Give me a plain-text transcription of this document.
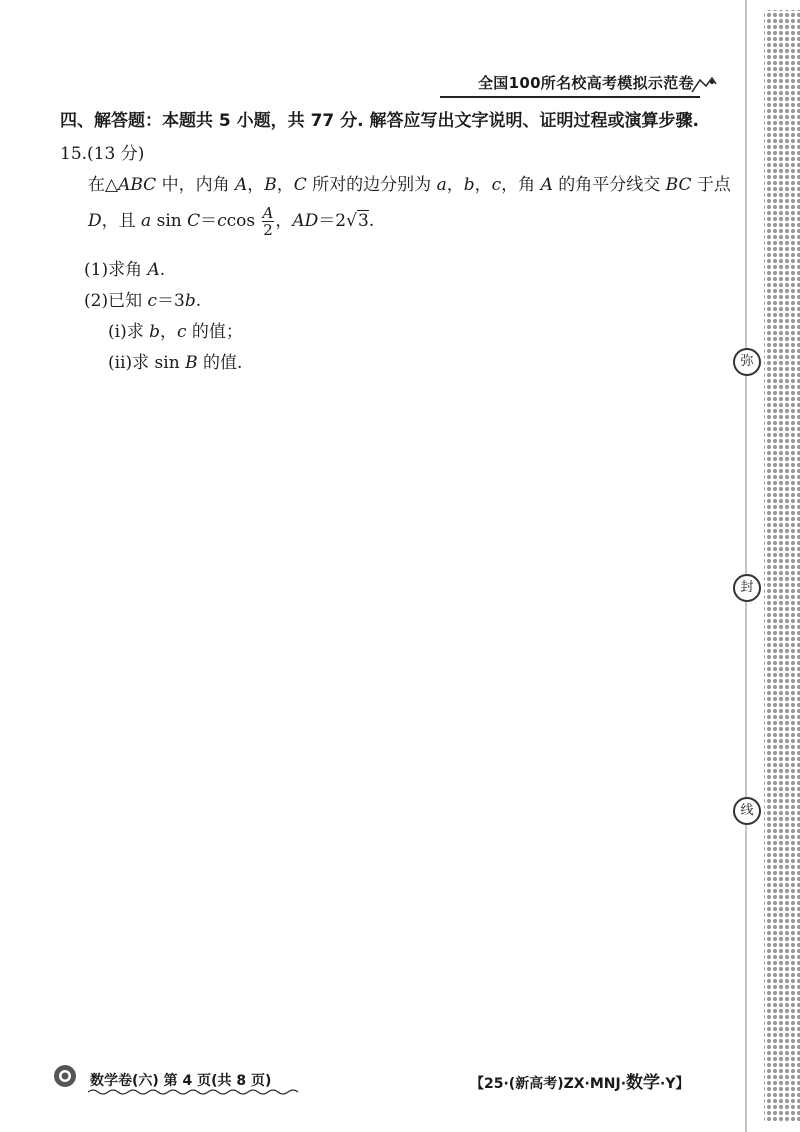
全国100所名校高考模拟示范卷
四、解答题：本题共 5 小题，共 77 分. 解答应写出文字说明、证明过程或演算步骤.
15.(13 分)
在△ABC 中，内角 A，B，C 所对的边分别为 a，b，c，角 A 的角平分线交 BC 于点
D，且 a $\sin C=ccos \frac{A}{2}$ ，AD＝2√3.
(1)求角 A.
(2)已知 c＝3b.
(ⅰ)求 b，c 的值；
(ⅱ)求 sin B 的值.	弥
封
线
数学卷(六) 第 4 页(共 8 页)	【25·(新高考)ZX·MNJ·数学·Y】
